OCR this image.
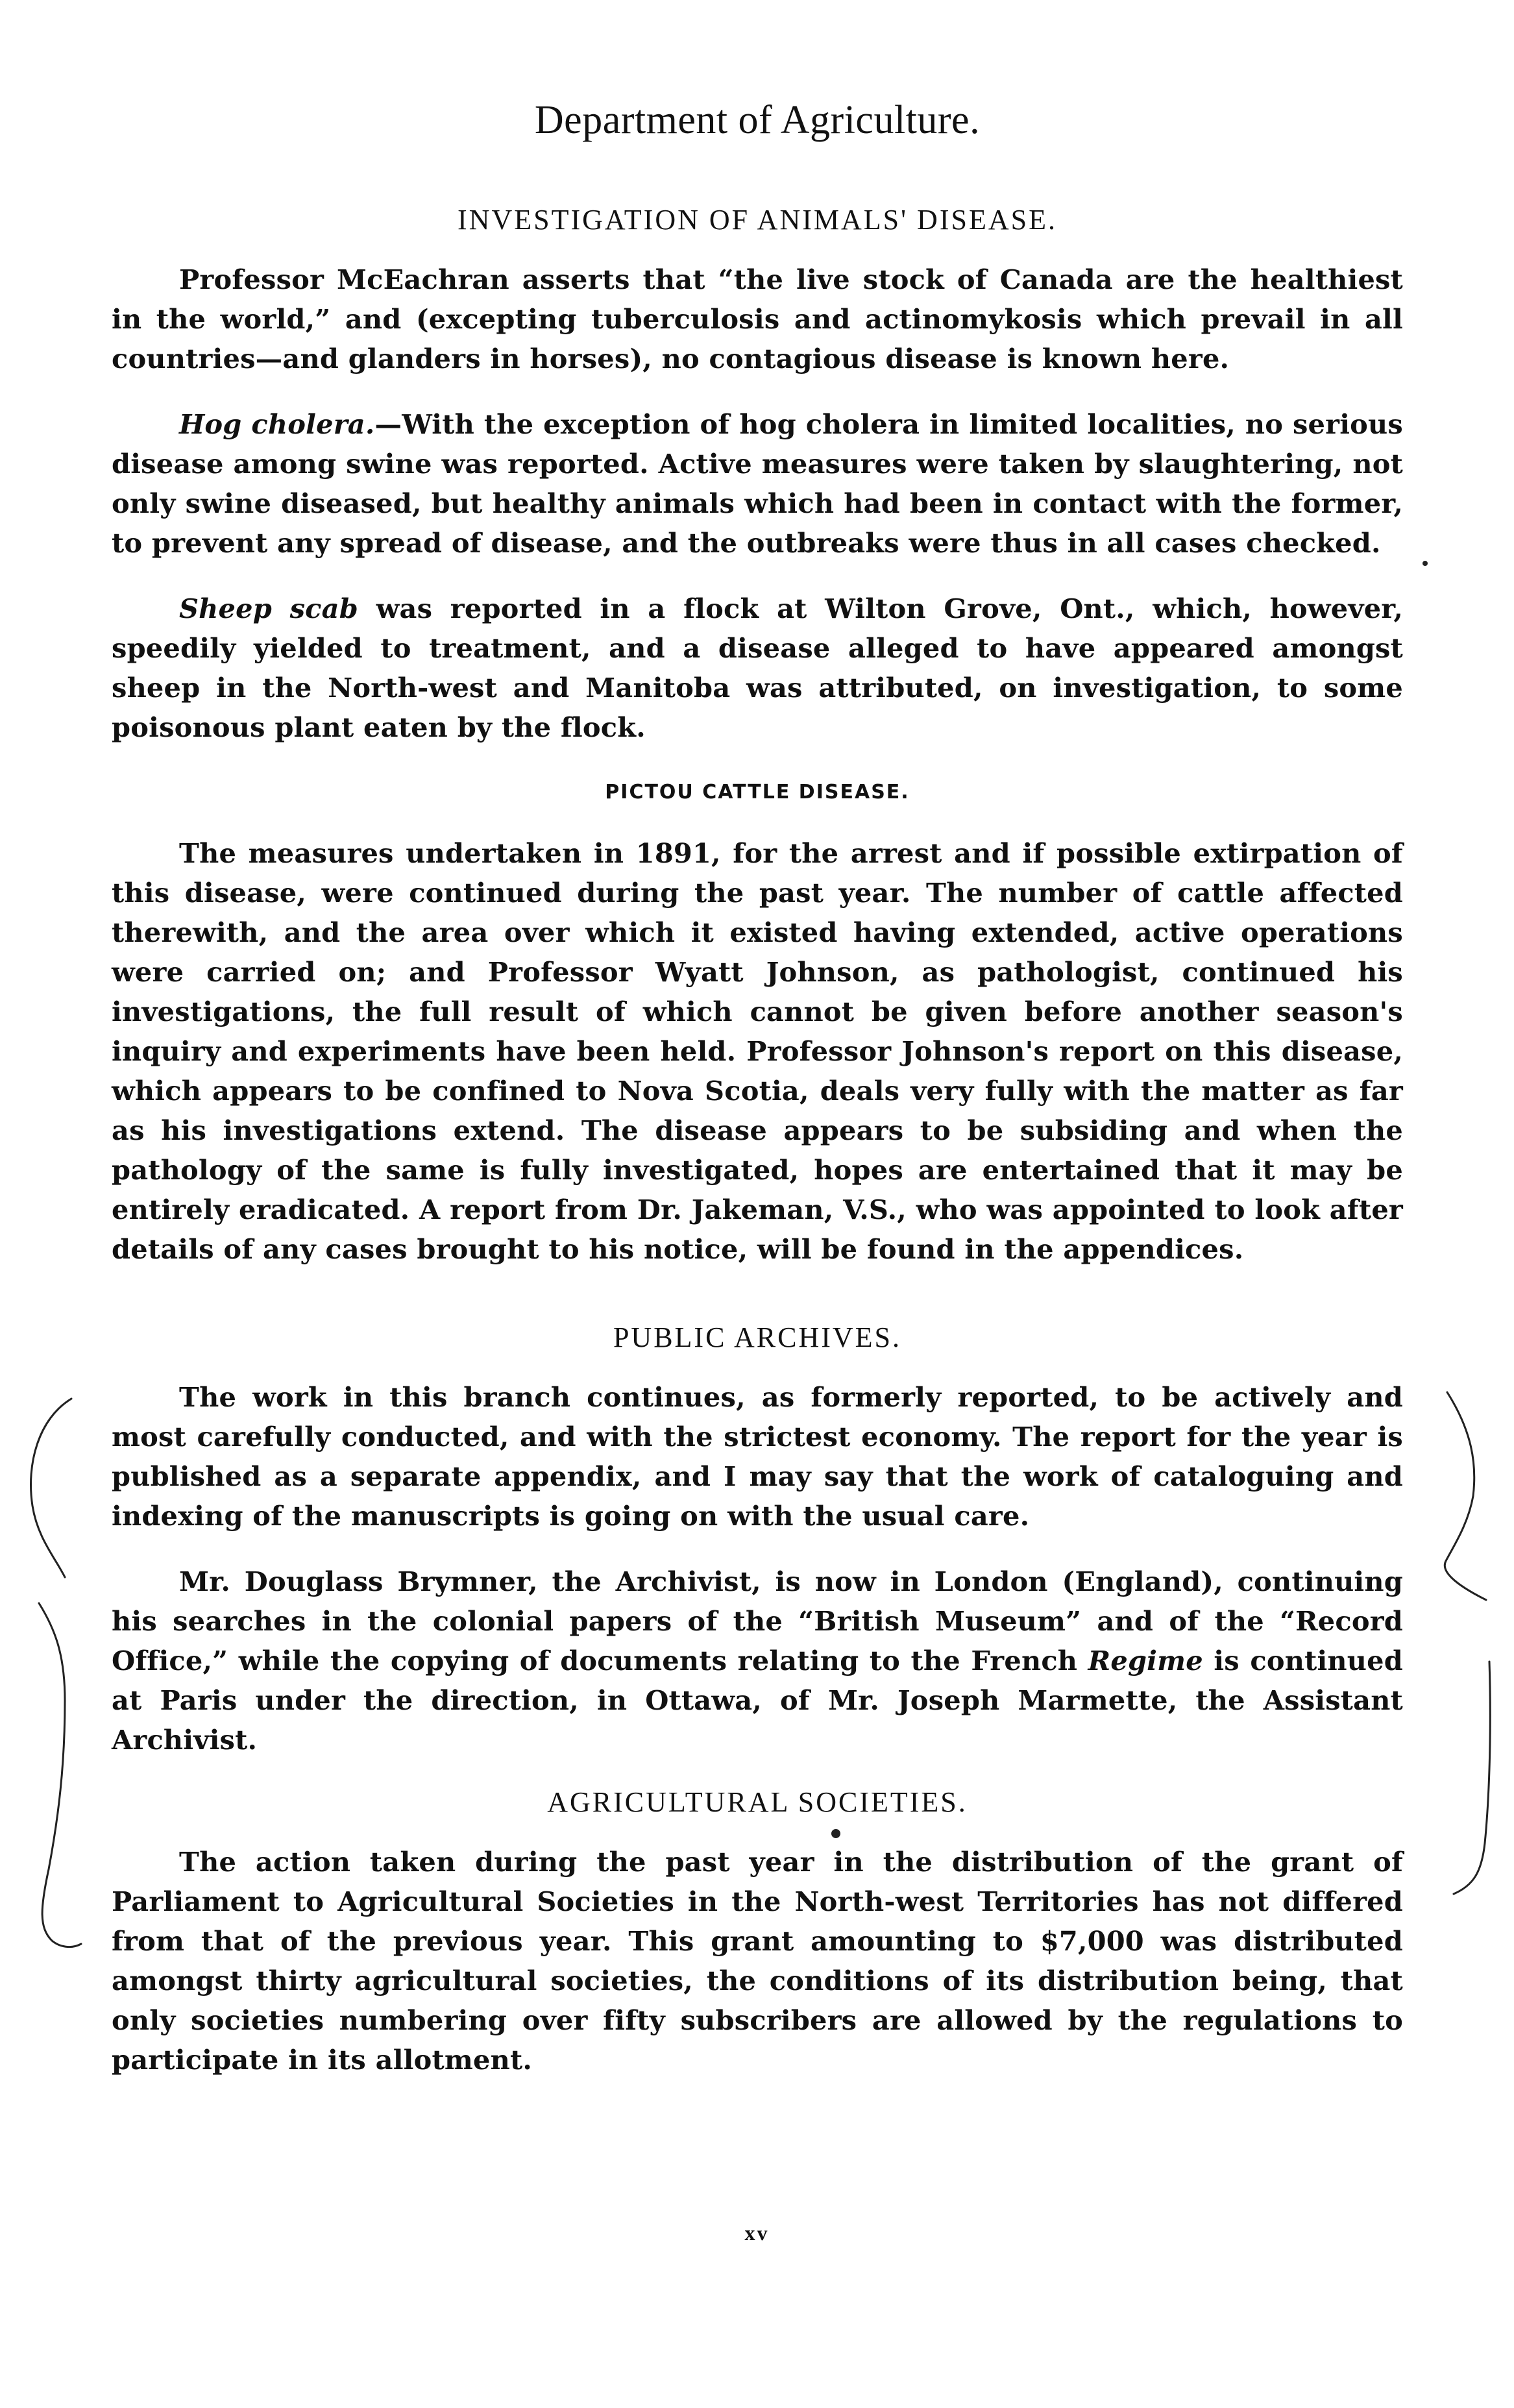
Department of Agriculture.
INVESTIGATION OF ANIMALS' DISEASE.

Professor McEachran asserts that “the live stock of Canada are the healthiest in the world,” and (excepting tuberculosis and actinomykosis which prevail in all countries—and glanders in horses), no contagious disease is known here.

Hog cholera.—With the exception of hog cholera in limited localities, no serious disease among swine was reported. Active measures were taken by slaughtering, not only swine diseased, but healthy animals which had been in contact with the former, to prevent any spread of disease, and the outbreaks were thus in all cases checked.

Sheep scab was reported in a flock at Wilton Grove, Ont., which, however, speedily yielded to treatment, and a disease alleged to have appeared amongst sheep in the North-west and Manitoba was attributed, on investigation, to some poisonous plant eaten by the flock.

PICTOU CATTLE DISEASE.

The measures undertaken in 1891, for the arrest and if possible extirpation of this disease, were continued during the past year. The number of cattle affected therewith, and the area over which it existed having extended, active operations were carried on; and Professor Wyatt Johnson, as pathologist, continued his investigations, the full result of which cannot be given before another season's inquiry and experiments have been held. Professor Johnson's report on this disease, which appears to be confined to Nova Scotia, deals very fully with the matter as far as his investigations extend. The disease appears to be subsiding and when the pathology of the same is fully investigated, hopes are entertained that it may be entirely eradicated. A report from Dr. Jakeman, V.S., who was appointed to look after details of any cases brought to his notice, will be found in the appendices.

PUBLIC ARCHIVES.

The work in this branch continues, as formerly reported, to be actively and most carefully conducted, and with the strictest economy. The report for the year is published as a separate appendix, and I may say that the work of cataloguing and indexing of the manuscripts is going on with the usual care.

Mr. Douglass Brymner, the Archivist, is now in London (England), continuing his searches in the colonial papers of the “British Museum” and of the “Record Office,” while the copying of documents relating to the French Regime is continued at Paris under the direction, in Ottawa, of Mr. Joseph Marmette, the Assistant Archivist.

AGRICULTURAL SOCIETIES.

The action taken during the past year in the distribution of the grant of Parliament to Agricultural Societies in the North-west Territories has not differed from that of the previous year. This grant amounting to $7,000 was distributed amongst thirty agricultural societies, the conditions of its distribution being, that only societies numbering over fifty subscribers are allowed by the regulations to participate in its allotment.

xv
